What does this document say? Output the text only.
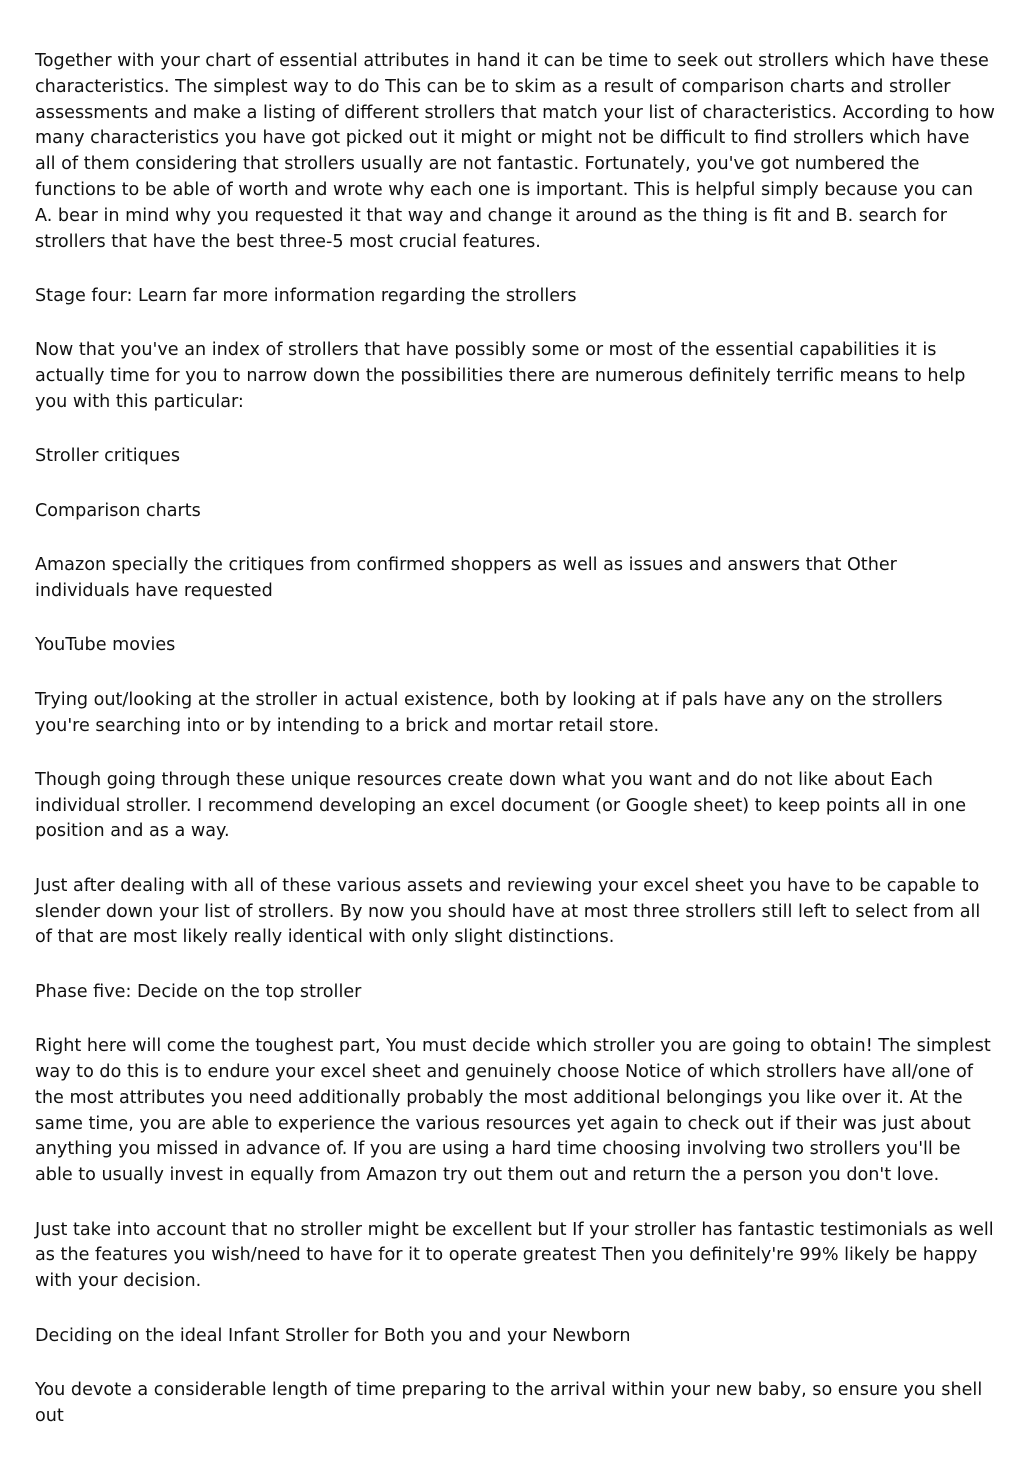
Together with your chart of essential attributes in hand it can be time to seek out strollers which have these characteristics. The simplest way to do This can be to skim as a result of comparison charts and stroller assessments and make a listing of different strollers that match your list of characteristics. According to how many characteristics you have got picked out it might or might not be difficult to find strollers which have all of them considering that strollers usually are not fantastic. Fortunately, you've got numbered the functions to be able of worth and wrote why each one is important. This is helpful simply because you can A. bear in mind why you requested it that way and change it around as the thing is fit and B. search for strollers that have the best three-5 most crucial features.

Stage four: Learn far more information regarding the strollers

Now that you've an index of strollers that have possibly some or most of the essential capabilities it is actually time for you to narrow down the possibilities there are numerous definitely terrific means to help you with this particular:

Stroller critiques

Comparison charts

Amazon specially the critiques from confirmed shoppers as well as issues and answers that Other individuals have requested

YouTube movies

Trying out/looking at the stroller in actual existence, both by looking at if pals have any on the strollers you're searching into or by intending to a brick and mortar retail store.

Though going through these unique resources create down what you want and do not like about Each individual stroller. I recommend developing an excel document (or Google sheet) to keep points all in one position and as a way.

Just after dealing with all of these various assets and reviewing your excel sheet you have to be capable to slender down your list of strollers. By now you should have at most three strollers still left to select from all of that are most likely really identical with only slight distinctions.

Phase five: Decide on the top stroller

Right here will come the toughest part, You must decide which stroller you are going to obtain! The simplest way to do this is to endure your excel sheet and genuinely choose Notice of which strollers have all/one of the most attributes you need additionally probably the most additional belongings you like over it. At the same time, you are able to experience the various resources yet again to check out if their was just about anything you missed in advance of. If you are using a hard time choosing involving two strollers you'll be able to usually invest in equally from Amazon try out them out and return the a person you don't love.

Just take into account that no stroller might be excellent but If your stroller has fantastic testimonials as well as the features you wish/need to have for it to operate greatest Then you definitely're 99% likely be happy with your decision.

Deciding on the ideal Infant Stroller for Both you and your Newborn

You devote a considerable length of time preparing to the arrival within your new baby, so ensure you shell out
